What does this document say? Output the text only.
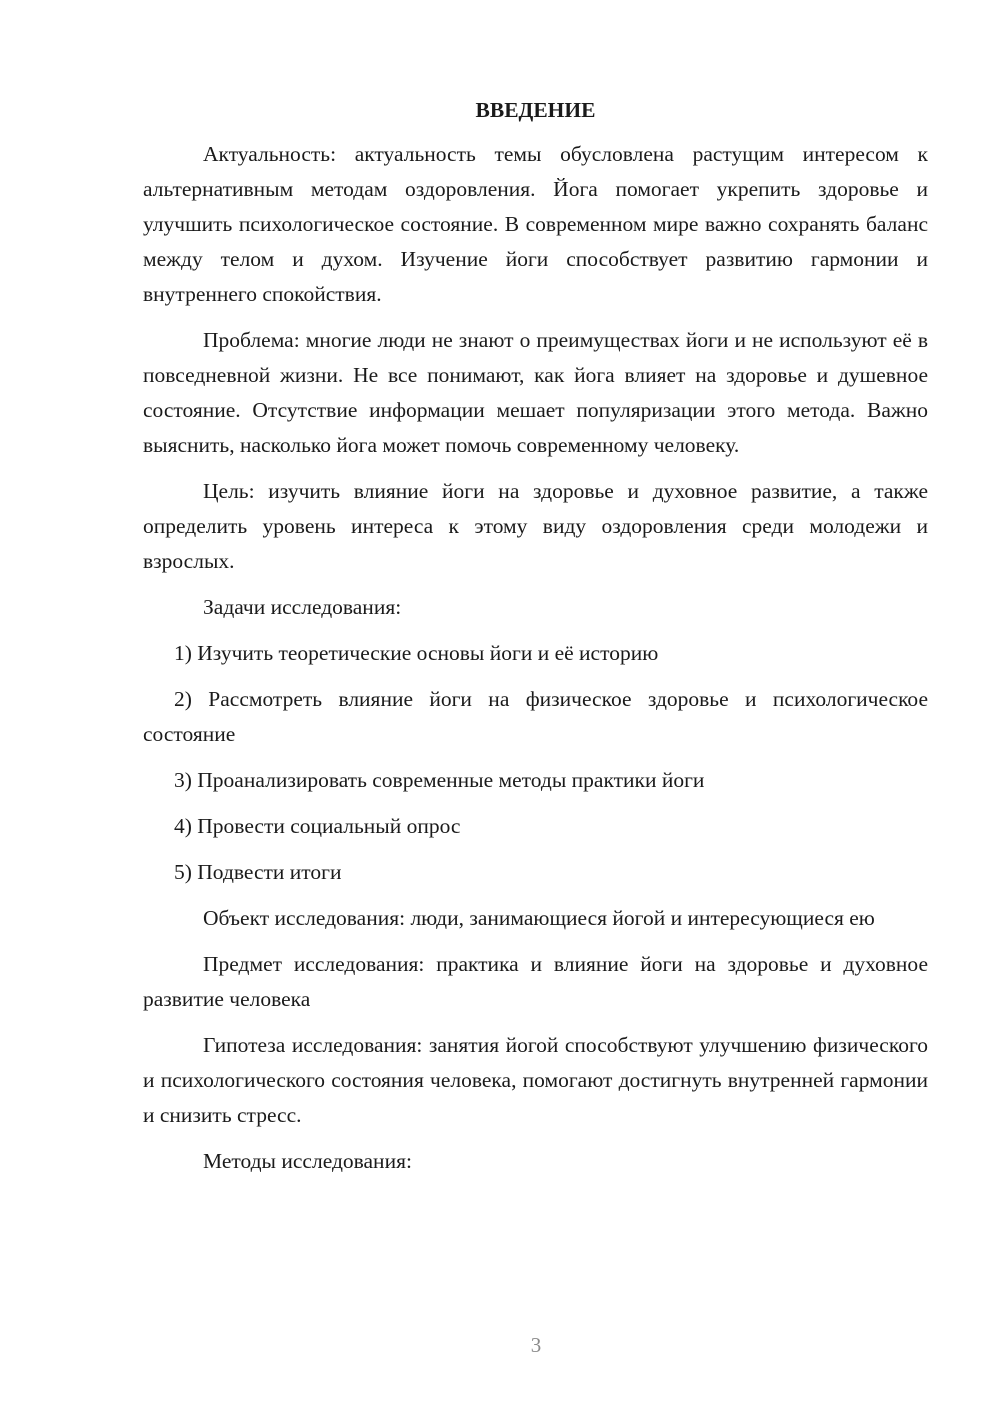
ВВЕДЕНИЕ

Актуальность: актуальность темы обусловлена растущим интересом к альтернативным методам оздоровления. Йога помогает укрепить здоровье и улучшить психологическое состояние. В современном мире важно сохранять баланс между телом и духом. Изучение йоги способствует развитию гармонии и внутреннего спокойствия.

Проблема: многие люди не знают о преимуществах йоги и не используют её в повседневной жизни. Не все понимают, как йога влияет на здоровье и душевное состояние. Отсутствие информации мешает популяризации этого метода. Важно выяснить, насколько йога может помочь современному человеку.

Цель: изучить влияние йоги на здоровье и духовное развитие, а также определить уровень интереса к этому виду оздоровления среди молодежи и взрослых.

Задачи исследования:

1) Изучить теоретические основы йоги и её историю

2) Рассмотреть влияние йоги на физическое здоровье и психологическое состояние

3) Проанализировать современные методы практики йоги

4) Провести социальный опрос

5) Подвести итоги

Объект исследования: люди, занимающиеся йогой и интересующиеся ею

Предмет исследования: практика и влияние йоги на здоровье и духовное развитие человека

Гипотеза исследования: занятия йогой способствуют улучшению физического и психологического состояния человека, помогают достигнуть внутренней гармонии и снизить стресс.

Методы исследования:

3
